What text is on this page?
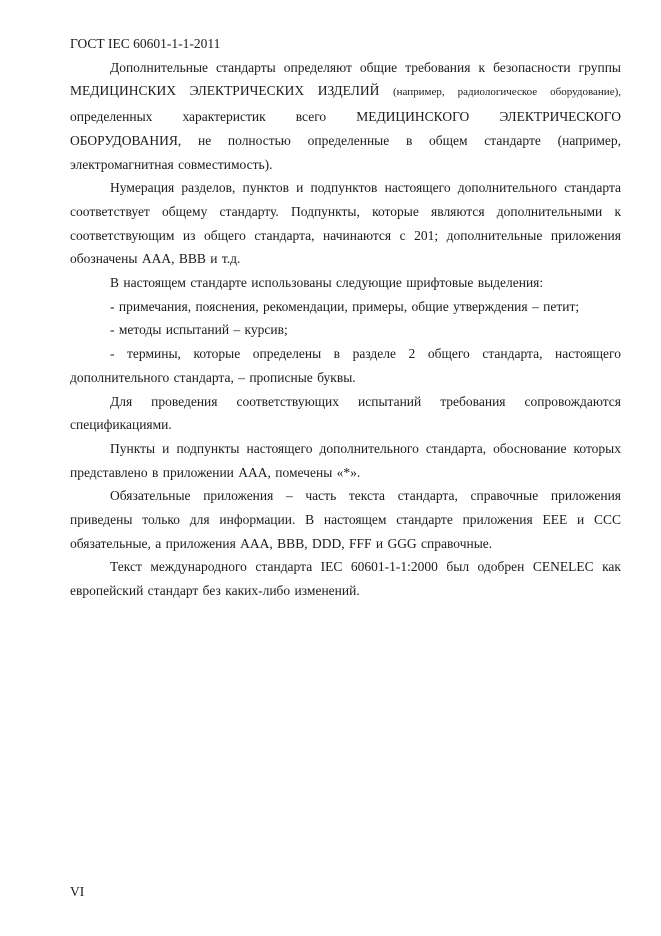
ГОСТ IEC 60601-1-1-2011

Дополнительные стандарты определяют общие требования к безопасности группы МЕДИЦИНСКИХ ЭЛЕКТРИЧЕСКИХ ИЗДЕЛИЙ (например, радиологическое оборудование), определенных характеристик всего МЕДИЦИНСКОГО ЭЛЕКТРИЧЕСКОГО ОБОРУДОВАНИЯ, не полностью определенные в общем стандарте (например, электромагнитная совместимость).

Нумерация разделов, пунктов и подпунктов настоящего дополнительного стандарта соответствует общему стандарту. Подпункты, которые являются дополнительными к соответствующим из общего стандарта, начинаются с 201; дополнительные приложения обозначены AAA, BBB и т.д.

В настоящем стандарте использованы следующие шрифтовые выделения:

- примечания, пояснения, рекомендации, примеры, общие утверждения – петит;

- методы испытаний – курсив;

- термины, которые определены в разделе 2 общего стандарта, настоящего дополнительного стандарта, – прописные буквы.

Для проведения соответствующих испытаний требования сопровождаются спецификациями.

Пункты и подпункты настоящего дополнительного стандарта, обоснование которых представлено в приложении AAA, помечены «*».

Обязательные приложения – часть текста стандарта, справочные приложения приведены только для информации. В настоящем стандарте приложения EEE и CCC обязательные, а приложения AAA, BBB, DDD, FFF и GGG справочные.

Текст международного стандарта IEC 60601-1-1:2000 был одобрен CENELEC как европейский стандарт без каких-либо изменений.

VI
